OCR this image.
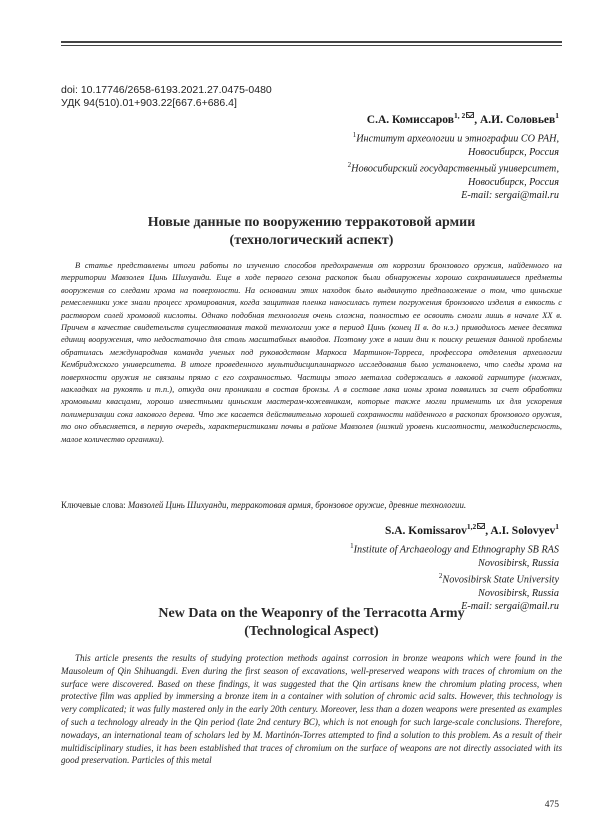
doi: 10.17746/2658-6193.2021.27.0475-0480
УДК 94(510).01+903.22[667.6+686.4]
С.А. Комиссаров$^{1, 2}$ , А.И. Соловьев$^1$
$^1$Институт археологии и этнографии СО РАН,
Новосибирск, Россия
$^2$Новосибирский государственный университет,
Новосибирск, Россия
E-mail: sergai@mail.ru
Новые данные по вооружению терракотовой армии
(технологический аспект)

В статье представлены итоги работы по изучению способов предохранения от коррозии бронзового оружия, найденного на территории Мавзолея Цинь Шихуанди. Еще в ходе первого сезона раскопок были обнаружены хорошо сохранившиеся предметы вооружения со следами хрома на поверхности. На основании этих находок было выдвинуто предположение о том, что циньские ремесленники уже знали процесс хромирования, когда защитная пленка наносилась путем погружения бронзового изделия в емкость с раствором солей хромовой кислоты. Однако подобная технология очень сложна, полностью ее освоить смогли лишь в начале XX в. Причем в качестве свидетельств существования такой технологии уже в период Цинь (конец II в. до н.э.) приводилось менее десятка единиц вооружения, что недостаточно для столь масштабных выводов. Поэтому уже в наши дни к поиску решения данной проблемы обратилась международная команда ученых под руководством Маркоса Мартинон-Торреса, профессора отделения археологии Кембриджского университета. В итоге проведенного мультидисциплинарного исследования было установлено, что следы хрома на поверхности оружия не связаны прямо с его сохранностью. Частицы этого металла содержались в лаковой гарнитуре (ножнах, накладках на рукоять и т.п.), откуда они проникали в состав бронзы. А в составе лака ионы хрома появились за счет обработки хромовыми квасцами, хорошо известными циньским мастерам-кожевникам, которые также могли применить их для ускорения полимеризации сока лакового дерева. Что же касается действительно хорошей сохранности найденного в раскопах бронзового оружия, то оно объясняется, в первую очередь, характеристиками почвы в районе Мавзолея (низкий уровень кислотности, мелкодисперсность, малое количество органики).

Ключевые слова: Мавзолей Цинь Шихуанди, терракотовая армия, бронзовое оружие, древние технологии.
S.A. Komissarov$^{1,2}$ , A.I. Solovyev$^1$
$^1$Institute of Archaeology and Ethnography SB RAS
Novosibirsk, Russia
$^2$Novosibirsk State University
Novosibirsk, Russia
E-mail: sergai@mail.ru
New Data on the Weaponry of the Terracotta Army
(Technological Aspect)

This article presents the results of studying protection methods against corrosion in bronze weapons which were found in the Mausoleum of Qin Shihuangdi. Even during the first season of excavations, well-preserved weapons with traces of chromium on the surface were discovered. Based on these findings, it was suggested that the Qin artisans knew the chromium plating process, when protective film was applied by immersing a bronze item in a container with solution of chromic acid salts. However, this technology is very complicated; it was fully mastered only in the early 20th century. Moreover, less than a dozen weapons were presented as examples of such a technology already in the Qin period (late 2nd century BC), which is not enough for such large-scale conclusions. Therefore, nowadays, an international team of scholars led by M. Martinón-Torres attempted to find a solution to this problem. As a result of their multidisciplinary studies, it has been established that traces of chromium on the surface of weapons are not directly associated with its good preservation. Particles of this metal

475
